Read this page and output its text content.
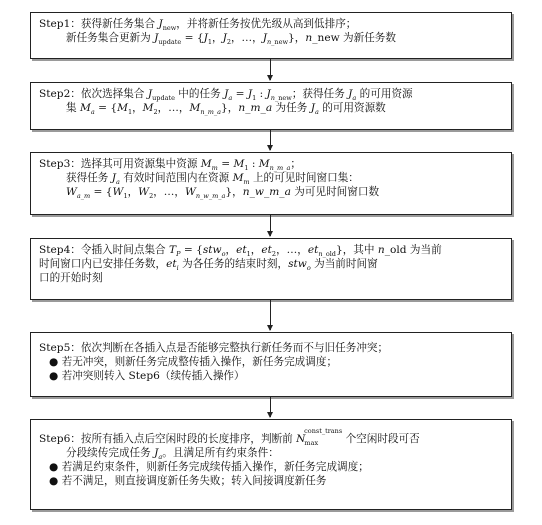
Step1：获得新任务集合 $J_{new}$，并将新任务按优先级从高到低排序；
新任务集合更新为 $J_{update} = \{J_1$，$J_2$，…，$J_{n\_new}$}，n_new 为新任务数
Step2：依次选择集合 $J_{update}$ 中的任务 $J_a = J_1$ : $J_{n\_new}$；获得任务 $J_a$ 的可用资源
集 $M_a = \{M_1$，$M_2$，…，$M_{n\_m\_a}$}，n_m_a 为任务 $J_a$ 的可用资源数
Step3：选择其可用资源集中资源 $M_m = M_1$ : $M_{n\_m\_a}$；
获得任务 $J_a$ 有效时间范围内在资源 $M_m$ 上的可见时间窗口集：
$W_{a\_m} = \{W_1$，$W_2$，…，$W_{n\_w\_m\_a}$}，n_w_m_a 为可见时间窗口数
Step4：令插入时间点集合 $T_P = \{stw_o$，$et_1$，$et_2$，…，$et_{n\_old}$}，其中 n_old 为当前
时间窗口内已安排任务数，$et_i$ 为各任务的结束时刻，stw$_o$ 为当前时间窗
口的开始时刻
Step5：依次判断在各插入点是否能够完整执行新任务而不与旧任务冲突；
● 若无冲突，则新任务完成整传插入操作，新任务完成调度；
● 若冲突则转入 Step6（续传插入操作）
Step6：按所有插入点后空闲时段的长度排序，判断前 $N_{max}^{const\_trans}$ 个空闲时段可否
分段续传完成任务 $J_a$。且满足所有约束条件：
● 若满足约束条件，则新任务完成续传插入操作，新任务完成调度；
● 若不满足，则直接调度新任务失败；转入间接调度新任务
